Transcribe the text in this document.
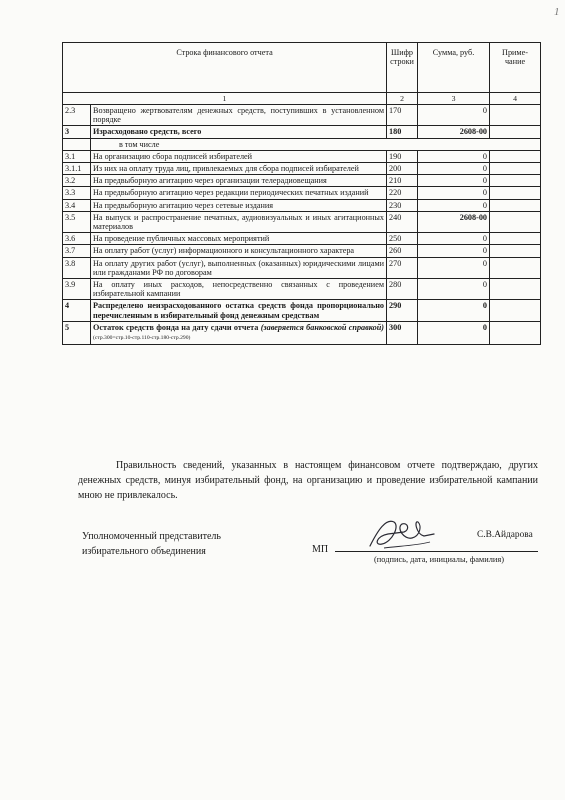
1
Строка финансового отчета		Шифр строки	Сумма, руб.	Приме-чание
1		2	3	4
2.3	Возвращено жертвователям денежных средств, поступивших в установленном порядке	170	0	
3	Израсходовано средств, всего	180	2608-00	
	в том числе			
3.1	На организацию сбора подписей избирателей	190	0	
3.1.1	Из них на оплату труда лиц, привлекаемых для сбора подписей избирателей	200	0	
3.2	На предвыборную агитацию через организации телерадиовещания	210	0	
3.3	На предвыборную агитацию через редакции периодических печатных изданий	220	0	
3.4	На предвыборную агитацию через сетевые издания	230	0	
3.5	На выпуск и распространение печатных, аудиовизуальных и иных агитационных материалов	240	2608-00	
3.6	На проведение публичных массовых мероприятий	250	0	
3.7	На оплату работ (услуг) информационного и консультационного характера	260	0	
3.8	На оплату других работ (услуг), выполненных (оказанных) юридическими лицами или гражданами РФ по договорам	270	0	
3.9	На оплату иных расходов, непосредственно связанных с проведением избирательной кампании	280	0	
4	Распределено неизрасходованного остатка средств фонда пропорционально перечисленным в избирательный фонд денежным средствам	290	0	
5	Остаток средств фонда на дату сдачи отчета (заверяется банковской справкой) (стр.300=стр.10-стр.110-стр.180-стр.290)	300	0	

Правильность сведений, указанных в настоящем финансовом отчете подтверждаю, других денежных средств, минуя избирательный фонд, на организацию и проведение избирательной кампании мною не привлекалось.

Уполномоченный представитель
избирательного объединения	МП
(подпись, дата, инициалы, фамилия)
С.В.Айдарова
